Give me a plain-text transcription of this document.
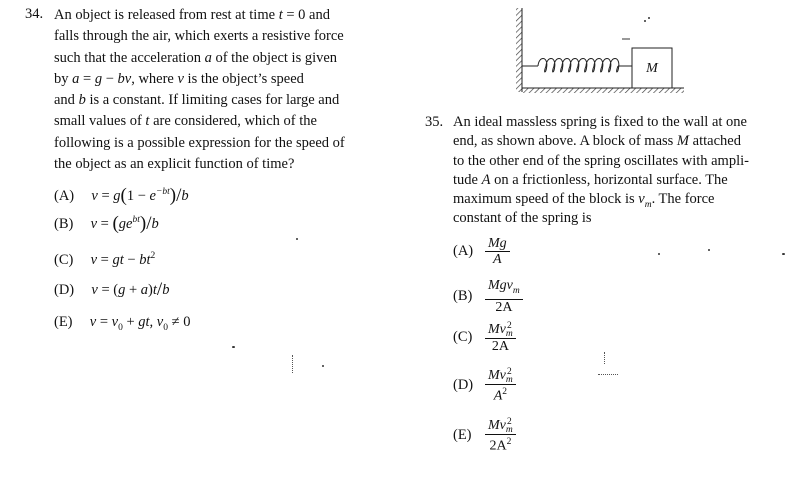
34. An object is released from rest at time t = 0 and
falls through the air, which exerts a resistive force
such that the acceleration a of the object is given
by a = g − bv, where v is the object’s speed
and b is a constant. If limiting cases for large and
small values of t are considered, which of the
following is a possible expression for the speed of
the object as an explicit function of time?
(A) $v = g(1 - e^{-bt})/b$
(B) $v = (ge^{bt})/b$
(C) v = gt − $bt^2$
(D) v = (g + a)t/b
(E) $v = v_0$ + gt, $v_0 \ne 0$
M
35. An ideal massless spring is fixed to the wall at one
end, as shown above. A block of mass M attached
to the other end of the spring oscillates with ampli-
tude A on a frictionless, horizontal surface. The
maximum speed of the block is $v_m$. The force
constant of the spring is
$(A) \frac{Mg}{A}$
$(B) \frac{Mgv_m}{2A}$
(C) Mv 2
m
2A
(D) Mv 2
m
$A^2$
(E) Mv 2
m
$2A^2$
